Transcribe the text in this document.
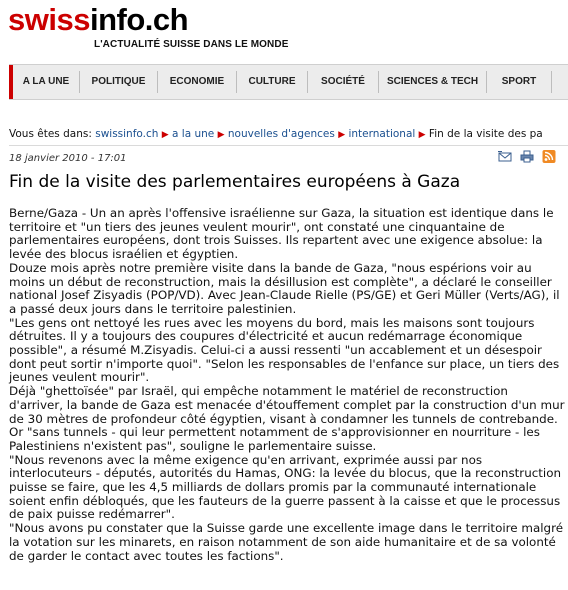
swissinfo.ch
L'ACTUALITÉ SUISSE DANS LE MONDE
A LA UNE	POLITIQUE	ECONOMIE	CULTURE	SOCIÉTÉ	SCIENCES & TECH	SPORT
Vous êtes dans: swissinfo.ch ▶ a la une ▶ nouvelles d'agences ▶ international ▶ Fin de la visite des pa
18 janvier 2010 - 17:01
Fin de la visite des parlementaires européens à Gaza

Berne/Gaza - Un an après l'offensive israélienne sur Gaza, la situation est identique dans le territoire et "un tiers des jeunes veulent mourir", ont constaté une cinquantaine de parlementaires européens, dont trois Suisses. Ils repartent avec une exigence absolue: la levée des blocus israélien et égyptien.

Douze mois après notre première visite dans la bande de Gaza, "nous espérions voir au moins un début de reconstruction, mais la désillusion est complète", a déclaré le conseiller national Josef Zisyadis (POP/VD). Avec Jean-Claude Rielle (PS/GE) et Geri Müller (Verts/AG), il a passé deux jours dans le territoire palestinien.

"Les gens ont nettoyé les rues avec les moyens du bord, mais les maisons sont toujours détruites. Il y a toujours des coupures d'électricité et aucun redémarrage économique possible", a résumé M.Zisyadis. Celui-ci a aussi ressenti "un accablement et un désespoir dont peut sortir n'importe quoi". "Selon les responsables de l'enfance sur place, un tiers des jeunes veulent mourir".

Déjà "ghettoïsée" par Israël, qui empêche notamment le matériel de reconstruction d'arriver, la bande de Gaza est menacée d'étouffement complet par la construction d'un mur de 30 mètres de profondeur côté égyptien, visant à condamner les tunnels de contrebande.

Or "sans tunnels - qui leur permettent notamment de s'approvisionner en nourriture - les Palestiniens n'existent pas", souligne le parlementaire suisse.

"Nous revenons avec la même exigence qu'en arrivant, exprimée aussi par nos interlocuteurs - députés, autorités du Hamas, ONG: la levée du blocus, que la reconstruction puisse se faire, que les 4,5 milliards de dollars promis par la communauté internationale soient enfin débloqués, que les fauteurs de la guerre passent à la caisse et que le processus de paix puisse redémarrer".

"Nous avons pu constater que la Suisse garde une excellente image dans le territoire malgré la votation sur les minarets, en raison notamment de son aide humanitaire et de sa volonté de garder le contact avec toutes les factions".
